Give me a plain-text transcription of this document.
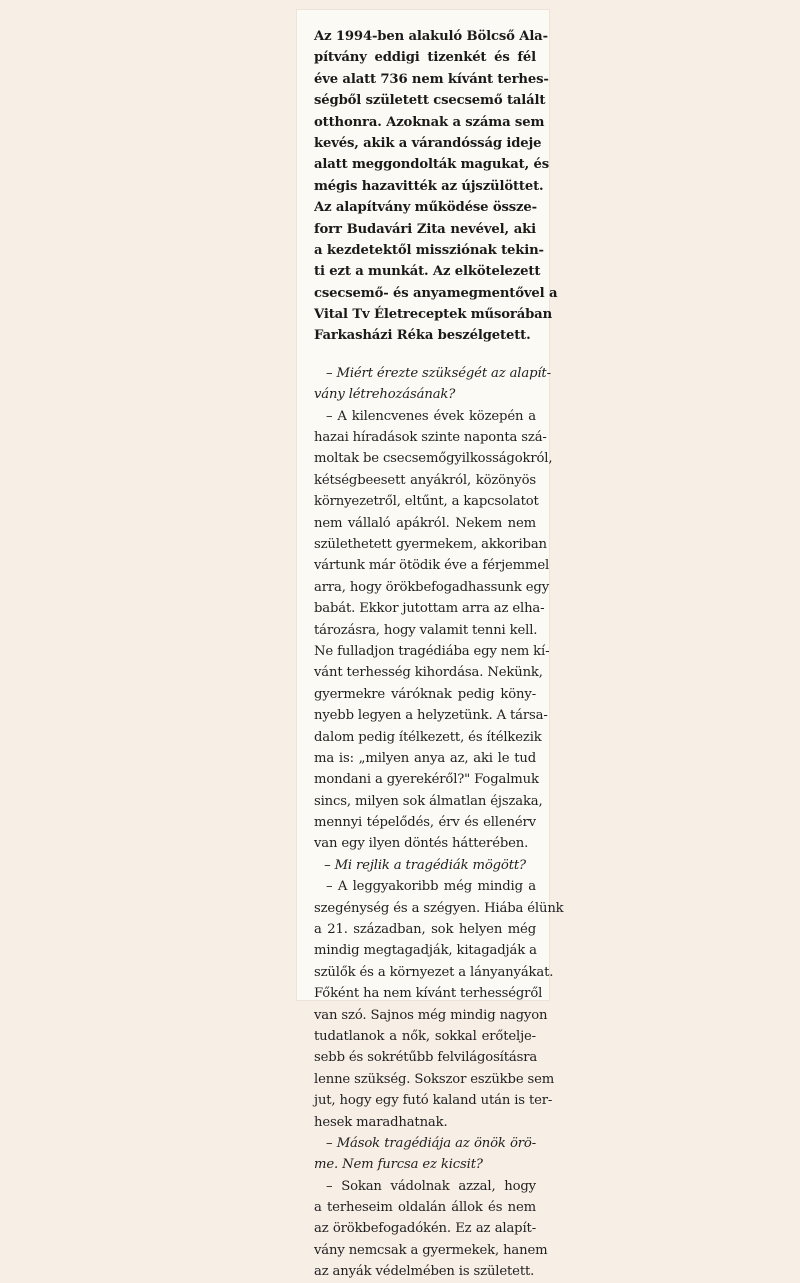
Az 1994-ben alakuló Bölcső Ala-
pítvány eddigi tizenkét és fél
éve alatt 736 nem kívánt terhes-
ségből született csecsemő talált
otthonra. Azoknak a száma sem
kevés, akik a várandósság ideje
alatt meggondolták magukat, és
mégis hazavitték az újszülöttet.
Az alapítvány működése össze-
forr Budavári Zita nevével, aki
a kezdetektől missziónak tekin-
ti ezt a munkát. Az elkötelezett
csecsemő- és anyamegmentővel a
Vital Tv Életreceptek műsorában
Farkasházi Réka beszélgetett.
– Miért érezte szükségét az alapít-
vány létrehozásának?
– A kilencvenes évek közepén a
hazai híradások szinte naponta szá-
moltak be csecsemőgyilkosságokról,
kétségbeesett anyákról, közönyös
környezetről, eltűnt, a kapcsolatot
nem vállaló apákról. Nekem nem
születhetett gyermekem, akkoriban
vártunk már ötödik éve a férjemmel
arra, hogy örökbefogadhassunk egy
babát. Ekkor jutottam arra az elha-
tározásra, hogy valamit tenni kell.
Ne fulladjon tragédiába egy nem kí-
vánt terhesség kihordása. Nekünk,
gyermekre váróknak pedig köny-
nyebb legyen a helyzetünk. A társa-
dalom pedig ítélkezett, és ítélkezik
ma is: „milyen anya az, aki le tud
mondani a gyerekéről?" Fogalmuk
sincs, milyen sok álmatlan éjszaka,
mennyi tépelődés, érv és ellenérv
van egy ilyen döntés hátterében.
– Mi rejlik a tragédiák mögött?
– A leggyakoribb még mindig a
szegénység és a szégyen. Hiába élünk
a 21. században, sok helyen még
mindig megtagadják, kitagadják a
szülők és a környezet a lányanyákat.
Főként ha nem kívánt terhességről
van szó. Sajnos még mindig nagyon
tudatlanok a nők, sokkal erőtelje-
sebb és sokrétűbb felvilágosításra
lenne szükség. Sokszor eszükbe sem
jut, hogy egy futó kaland után is ter-
hesek maradhatnak.
– Mások tragédiája az önök örö-
me. Nem furcsa ez kicsit?
– Sokan vádolnak azzal, hogy
a terheseim oldalán állok és nem
az örökbefogadókén. Ez az alapít-
vány nemcsak a gyermekek, hanem
az anyák védelmében is született.
